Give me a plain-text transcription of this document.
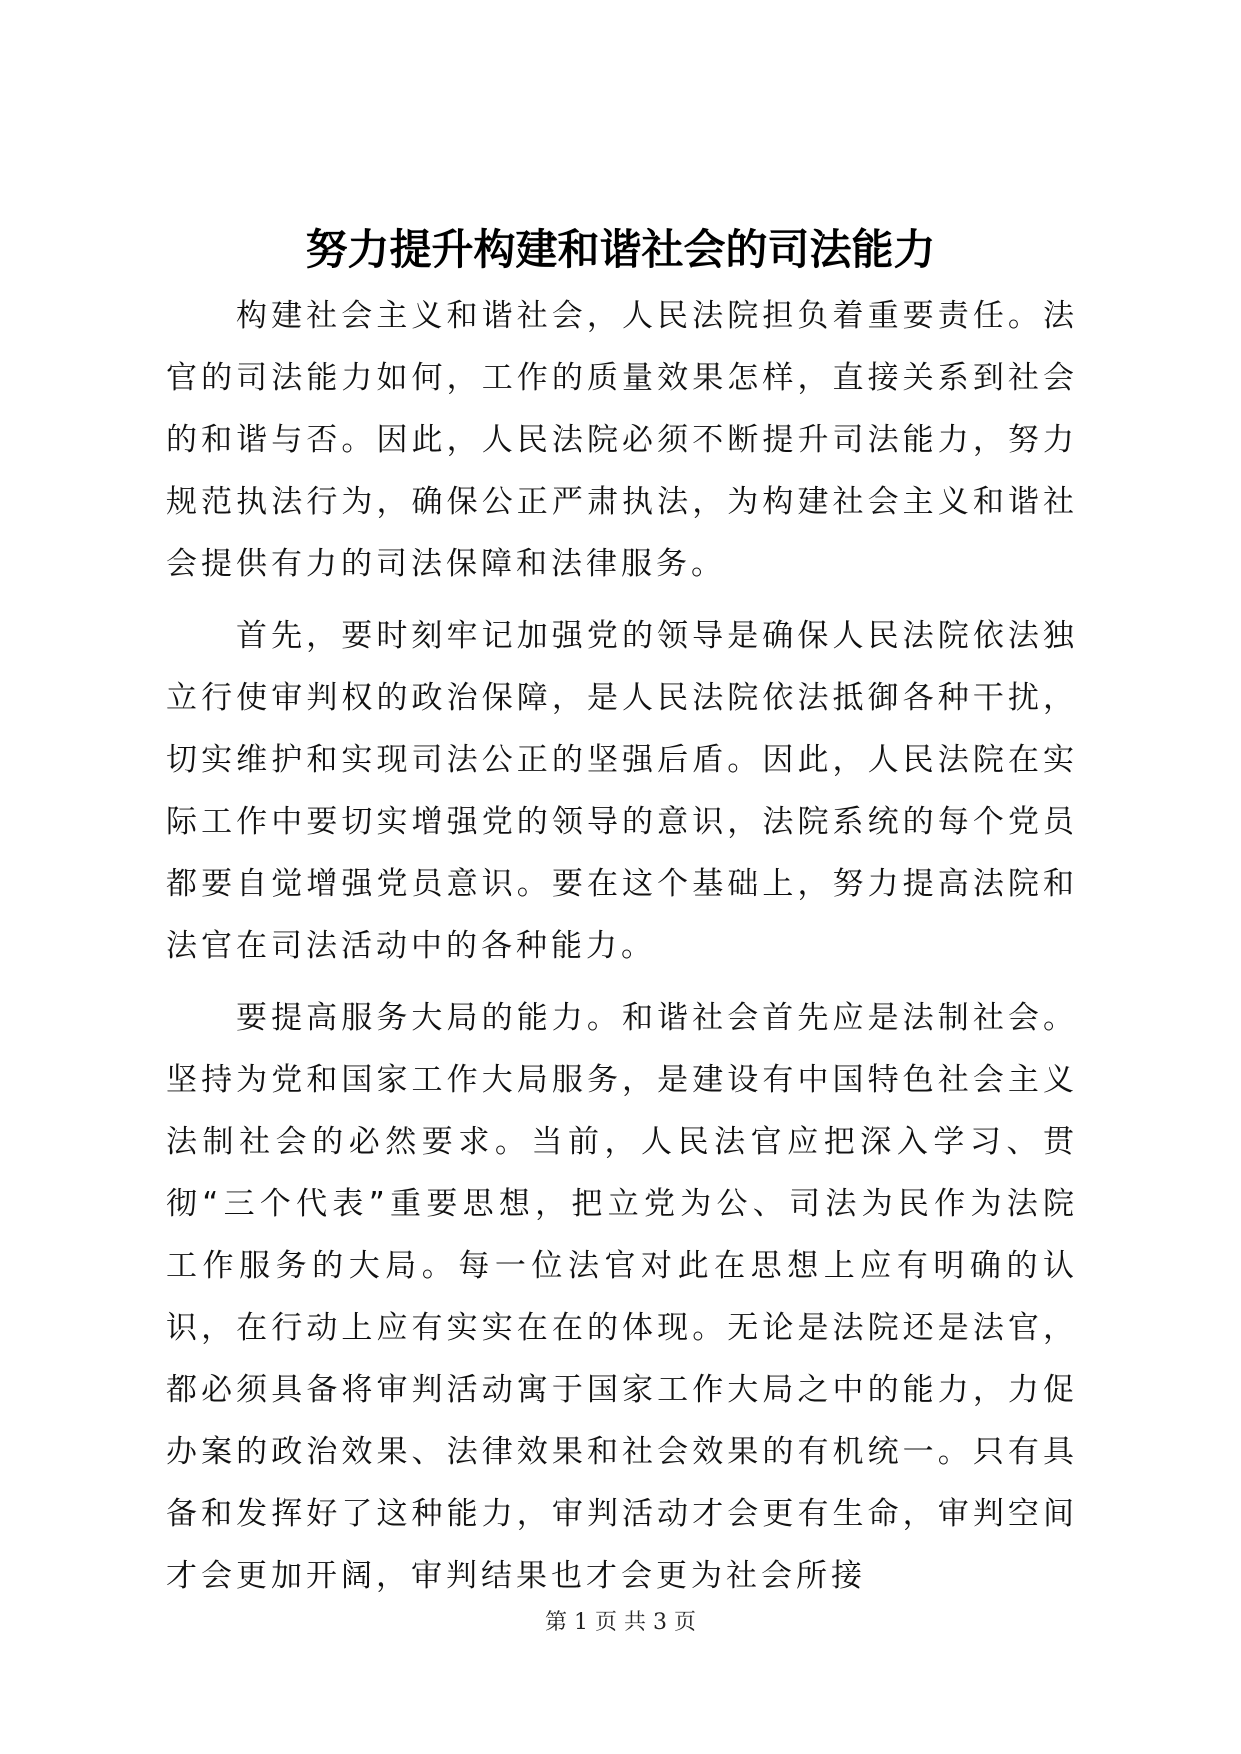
努力提升构建和谐社会的司法能力

构建社会主义和谐社会，人民法院担负着重要责任。法官的司法能力如何，工作的质量效果怎样，直接关系到社会的和谐与否。因此，人民法院必须不断提升司法能力，努力规范执法行为，确保公正严肃执法，为构建社会主义和谐社会提供有力的司法保障和法律服务。

首先，要时刻牢记加强党的领导是确保人民法院依法独立行使审判权的政治保障，是人民法院依法抵御各种干扰，切实维护和实现司法公正的坚强后盾。因此，人民法院在实际工作中要切实增强党的领导的意识，法院系统的每个党员都要自觉增强党员意识。要在这个基础上，努力提高法院和法官在司法活动中的各种能力。

要提高服务大局的能力。和谐社会首先应是法制社会。坚持为党和国家工作大局服务，是建设有中国特色社会主义法制社会的必然要求。当前，人民法官应把深入学习、贯彻“三个代表”重要思想，把立党为公、司法为民作为法院工作服务的大局。每一位法官对此在思想上应有明确的认识，在行动上应有实实在在的体现。无论是法院还是法官，都必须具备将审判活动寓于国家工作大局之中的能力，力促办案的政治效果、法律效果和社会效果的有机统一。只有具备和发挥好了这种能力，审判活动才会更有生命，审判空间才会更加开阔，审判结果也才会更为社会所接

第 1 页 共 3 页
